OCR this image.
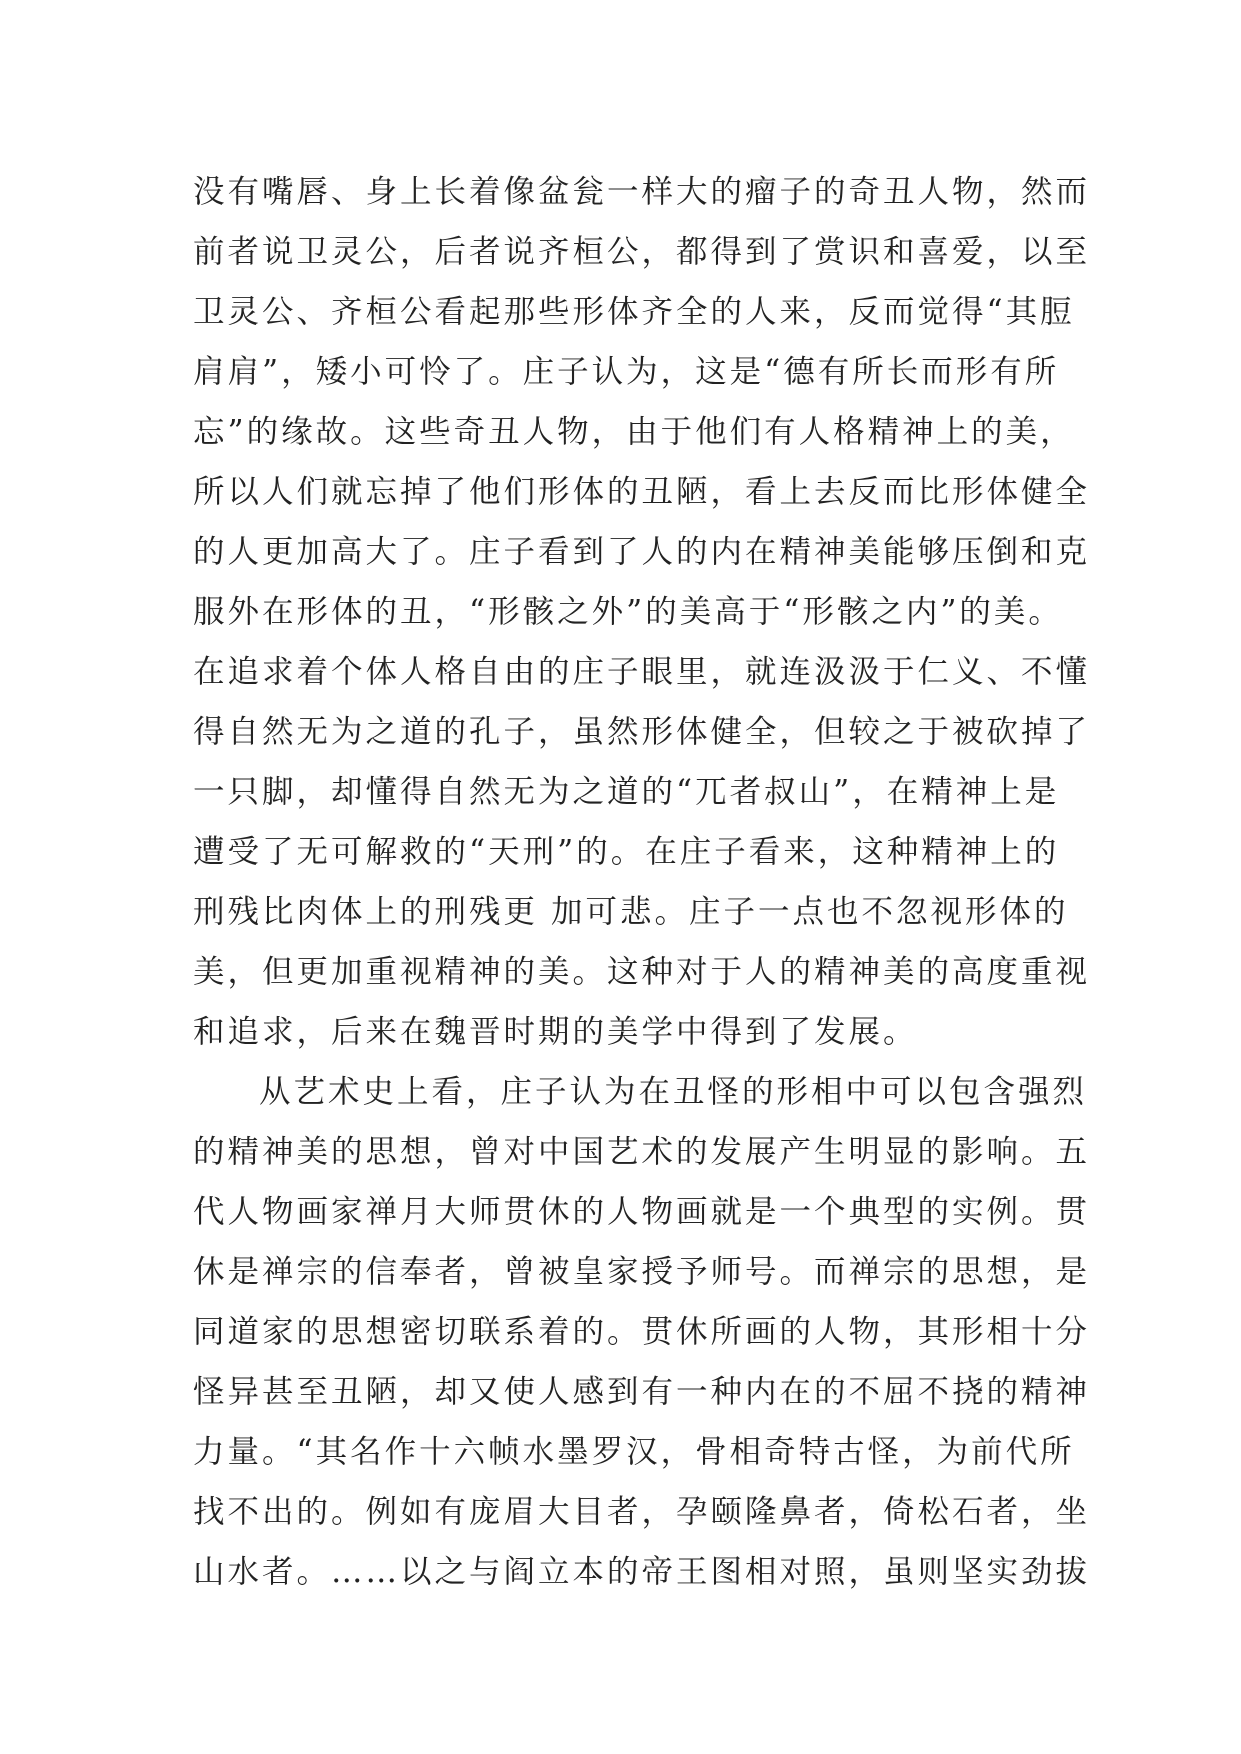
没有嘴唇、身上长着像盆瓮一样大的瘤子的奇丑人物，然而
前者说卫灵公，后者说齐桓公，都得到了赏识和喜爱，以至
卫灵公、齐桓公看起那些形体齐全的人来，反而觉得“其脰
肩肩”，矮小可怜了。庄子认为，这是“德有所长而形有所
忘”的缘故。这些奇丑人物，由于他们有人格精神上的美，
所以人们就忘掉了他们形体的丑陋，看上去反而比形体健全
的人更加高大了。庄子看到了人的内在精神美能够压倒和克
服外在形体的丑，“形骸之外”的美高于“形骸之内”的美。
在追求着个体人格自由的庄子眼里，就连汲汲于仁义、不懂
得自然无为之道的孔子，虽然形体健全，但较之于被砍掉了
一只脚，却懂得自然无为之道的“兀者叔山”，在精神上是
遭受了无可解救的“天刑”的。在庄子看来，这种精神上的
刑残比肉体上的刑残更 加可悲。庄子一点也不忽视形体的
美，但更加重视精神的美。这种对于人的精神美的高度重视
和追求，后来在魏晋时期的美学中得到了发展。
从艺术史上看，庄子认为在丑怪的形相中可以包含强烈
的精神美的思想，曾对中国艺术的发展产生明显的影响。五
代人物画家禅月大师贯休的人物画就是一个典型的实例。贯
休是禅宗的信奉者，曾被皇家授予师号。而禅宗的思想，是
同道家的思想密切联系着的。贯休所画的人物，其形相十分
怪异甚至丑陋，却又使人感到有一种内在的不屈不挠的精神
力量。“其名作十六帧水墨罗汉，骨相奇特古怪，为前代所
找不出的。例如有庞眉大目者，孕颐隆鼻者，倚松石者，坐
山水者。……以之与阎立本的帝王图相对照，虽则坚实劲拔
